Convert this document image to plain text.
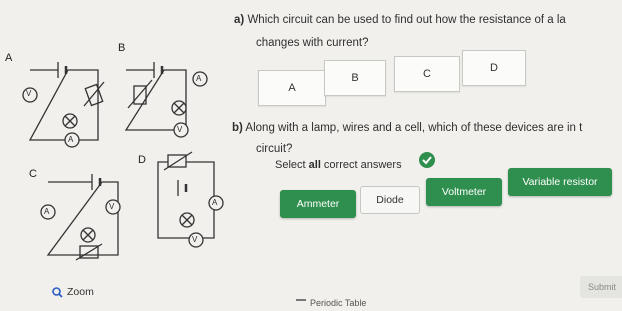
A
B
C
D
V
A
A
V
A
V	A
V
a) Which circuit can be used to find out how the resistance of a la
changes with current?
A
B	C	D
b) Along with a lamp, wires and a cell, which of these devices are in t
circuit?
Select all correct answers
Ammeter	Diode
Voltmeter
Variable resistor
Zoom
Periodic Table
Submit
